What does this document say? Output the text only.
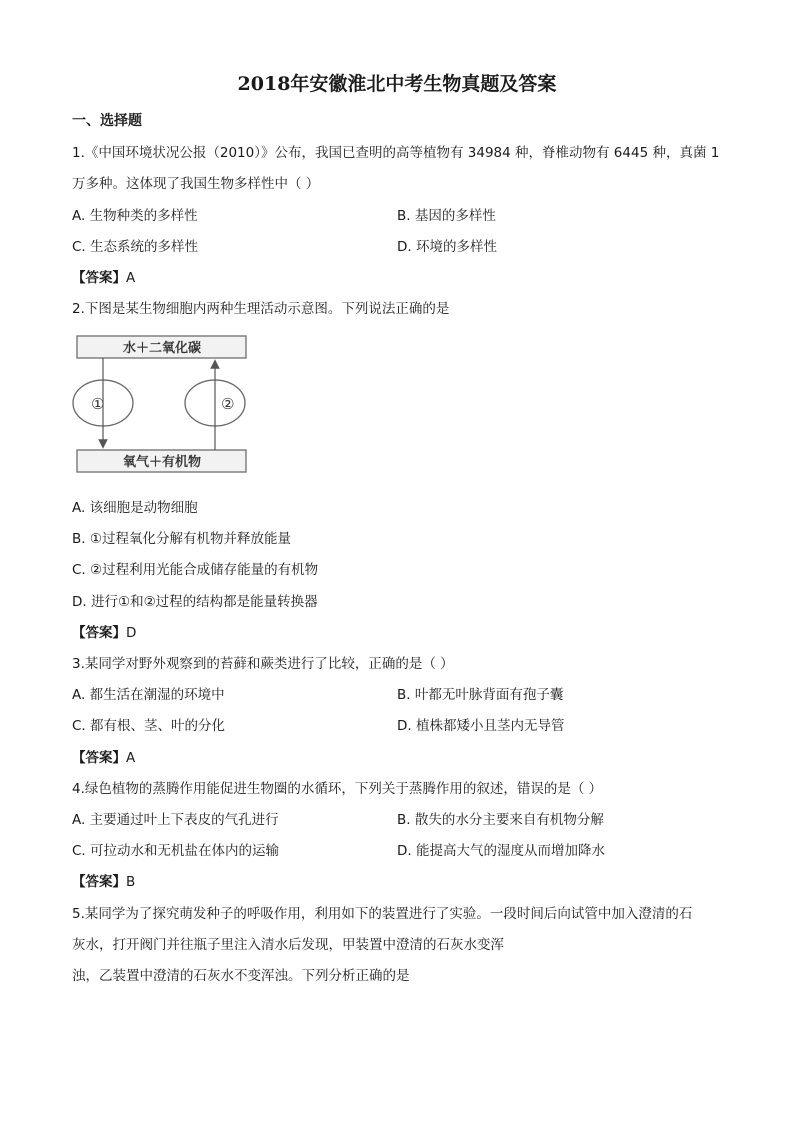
2018年安徽淮北中考生物真题及答案
一、选择题
1.《中国环境状况公报（2010）》公布，我国已查明的高等植物有 34984 种，脊椎动物有 6445 种，真菌 1
万多种。这体现了我国生物多样性中（ ）
A. 生物种类的多样性	B. 基因的多样性
C. 生态系统的多样性	D. 环境的多样性
【答案】A
2.下图是某生物细胞内两种生理活动示意图。下列说法正确的是
水＋二氧化碳
氧气＋有机物
①	②
A. 该细胞是动物细胞
B. ①过程氧化分解有机物并释放能量
C. ②过程利用光能合成储存能量的有机物
D. 进行①和②过程的结构都是能量转换器
【答案】D
3.某同学对野外观察到的苔藓和蕨类进行了比较，正确的是（ ）
A. 都生活在潮湿的环境中	B. 叶都无叶脉背面有孢子囊
C. 都有根、茎、叶的分化	D. 植株都矮小且茎内无导管
【答案】A
4.绿色植物的蒸腾作用能促进生物圈的水循环，下列关于蒸腾作用的叙述，错误的是（ ）
A. 主要通过叶上下表皮的气孔进行	B. 散失的水分主要来自有机物分解
C. 可拉动水和无机盐在体内的运输	D. 能提高大气的湿度从而增加降水
【答案】B
5.某同学为了探究萌发种子的呼吸作用，利用如下的装置进行了实验。一段时间后向试管中加入澄清的石
灰水，打开阀门并往瓶子里注入清水后发现，甲装置中澄清的石灰水变浑
浊，乙装置中澄清的石灰水不变浑浊。下列分析正确的是
